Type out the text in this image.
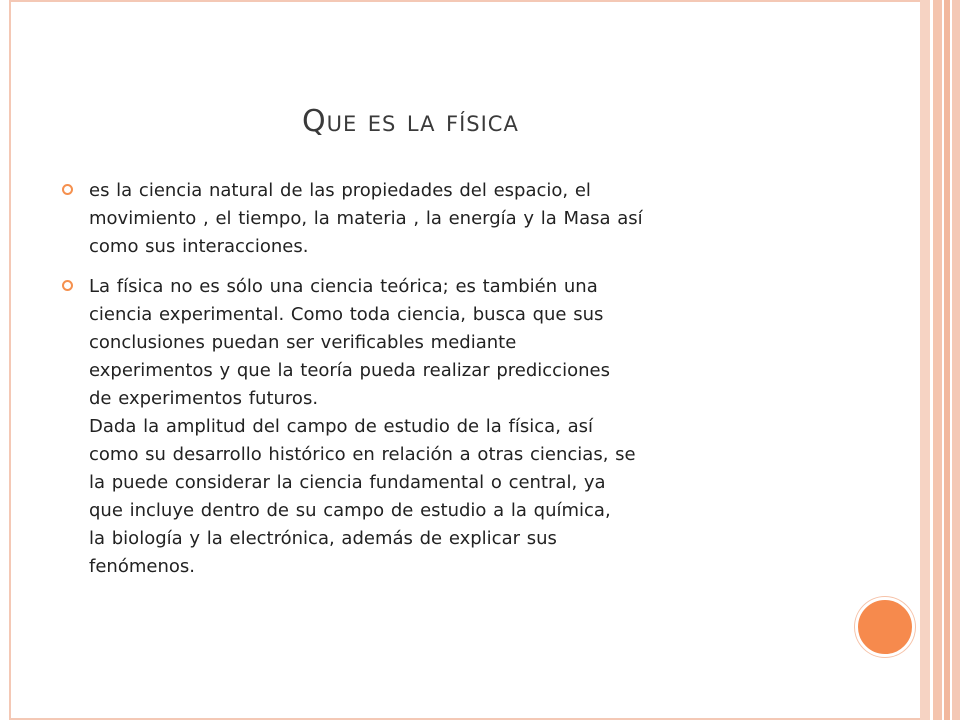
Que es la física
es la ciencia natural de las propiedades del espacio, el
movimiento , el tiempo, la materia , la energía y la Masa así
como sus interacciones.
La física no es sólo una ciencia teórica; es también una
ciencia experimental. Como toda ciencia, busca que sus
conclusiones puedan ser verificables mediante
experimentos y que la teoría pueda realizar predicciones
de experimentos futuros.
Dada la amplitud del campo de estudio de la física, así
como su desarrollo histórico en relación a otras ciencias, se
la puede considerar la ciencia fundamental o central, ya
que incluye dentro de su campo de estudio a la química,
la biología y la electrónica, además de explicar sus
fenómenos.
